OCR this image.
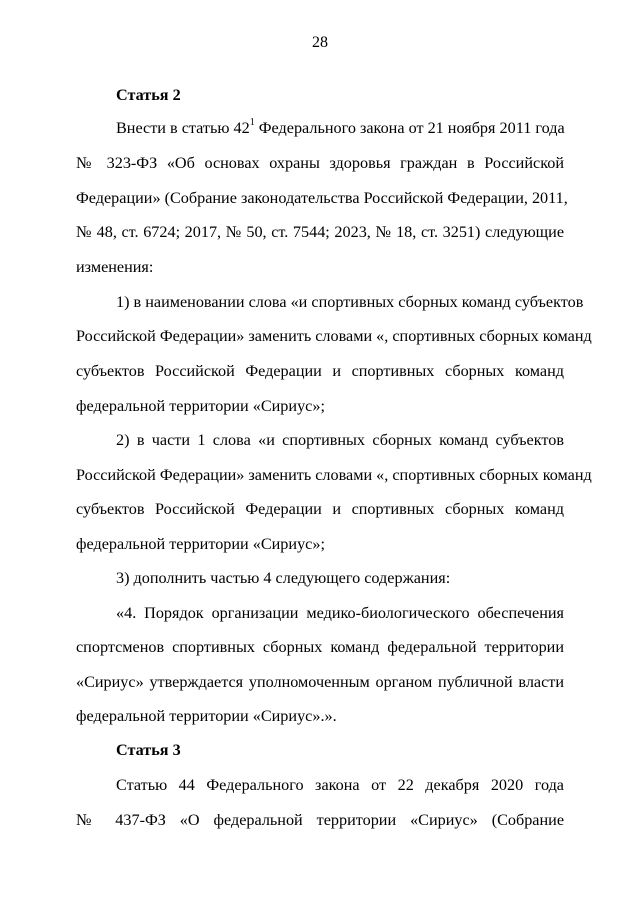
28
Статья 2
Внести в статью $42^1$ Федерального закона от 21 ноября 2011 года
№ 323-ФЗ «Об основах охраны здоровья граждан в Российской
Федерации» (Собрание законодательства Российской Федерации, 2011,
№ 48, ст. 6724; 2017, № 50, ст. 7544; 2023, № 18, ст. 3251) следующие
изменения:
1) в наименовании слова «и спортивных сборных команд субъектов
Российской Федерации» заменить словами «, спортивных сборных команд
субъектов Российской Федерации и спортивных сборных команд
федеральной территории «Сириус»;
2) в части 1 слова «и спортивных сборных команд субъектов
Российской Федерации» заменить словами «, спортивных сборных команд
субъектов Российской Федерации и спортивных сборных команд
федеральной территории «Сириус»;
3) дополнить частью 4 следующего содержания:
«4. Порядок организации медико-биологического обеспечения
спортсменов спортивных сборных команд федеральной территории
«Сириус» утверждается уполномоченным органом публичной власти
федеральной территории «Сириус».».
Статья 3
Статью 44 Федерального закона от 22 декабря 2020 года
№ 437-ФЗ «О федеральной территории «Сириус» (Собрание
